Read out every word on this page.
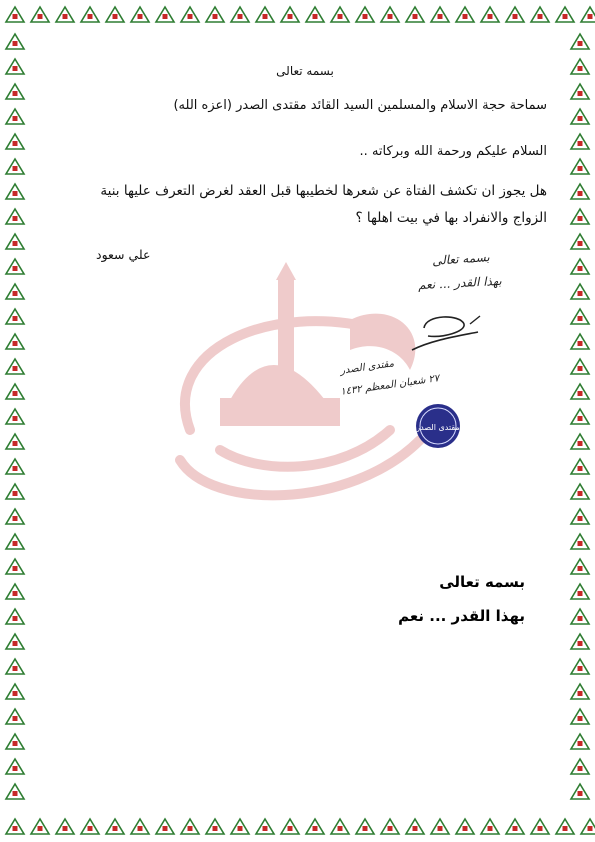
بسمه تعالى
سماحة حجة الاسلام والمسلمين السيد القائد مقتدى الصدر (اعزه الله)
السلام عليكم ورحمة الله وبركاته ..
هل يجوز ان تكشف الفتاة عن شعرها لخطيبها قبل العقد لغرض التعرف عليها بنية الزواج والانفراد بها في بيت اهلها ؟
علي سعود	بسمه تعالى
بهذا القدر ... نعم
مقتدى الصدر
٢٧ شعبان المعظم ١٤٣٢
مقتدى الصدر
بسمه تعالى
بهذا القدر ... نعم
